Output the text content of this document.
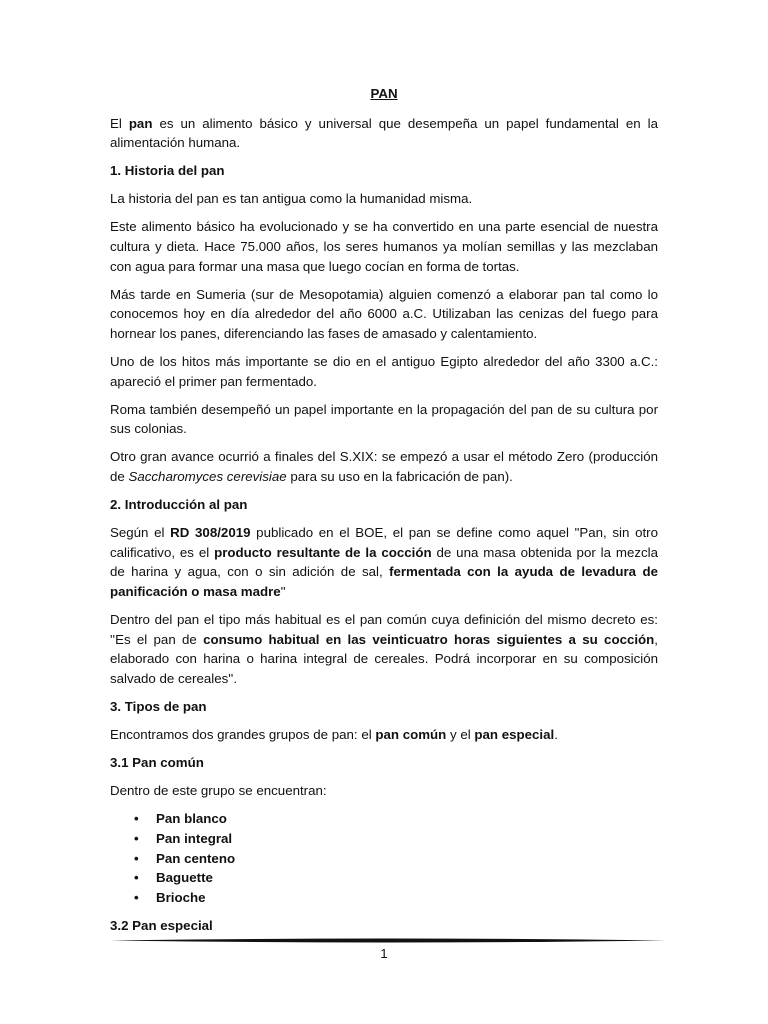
PAN

El pan es un alimento básico y universal que desempeña un papel fundamental en la alimentación humana.

1. Historia del pan

La historia del pan es tan antigua como la humanidad misma.

Este alimento básico ha evolucionado y se ha convertido en una parte esencial de nuestra cultura y dieta. Hace 75.000 años, los seres humanos ya molían semillas y las mezclaban con agua para formar una masa que luego cocían en forma de tortas.

Más tarde en Sumeria (sur de Mesopotamia) alguien comenzó a elaborar pan tal como lo conocemos hoy en día alrededor del año 6000 a.C. Utilizaban las cenizas del fuego para hornear los panes, diferenciando las fases de amasado y calentamiento.

Uno de los hitos más importante se dio en el antiguo Egipto alrededor del año 3300 a.C.: apareció el primer pan fermentado.

Roma también desempeñó un papel importante en la propagación del pan de su cultura por sus colonias.

Otro gran avance ocurrió a finales del S.XIX: se empezó a usar el método Zero (producción de Saccharomyces cerevisiae para su uso en la fabricación de pan).

2. Introducción al pan

Según el RD 308/2019 publicado en el BOE, el pan se define como aquel "Pan, sin otro calificativo, es el producto resultante de la cocción de una masa obtenida por la mezcla de harina y agua, con o sin adición de sal, fermentada con la ayuda de levadura de panificación o masa madre"

Dentro del pan el tipo más habitual es el pan común cuya definición del mismo decreto es: ''Es el pan de consumo habitual en las veinticuatro horas siguientes a su cocción, elaborado con harina o harina integral de cereales. Podrá incorporar en su composición salvado de cereales''.

3. Tipos de pan

Encontramos dos grandes grupos de pan: el pan común y el pan especial.

3.1 Pan común

Dentro de este grupo se encuentran:

• Pan blanco
• Pan integral
• Pan centeno
• Baguette
• Brioche
3.2 Pan especial
1
